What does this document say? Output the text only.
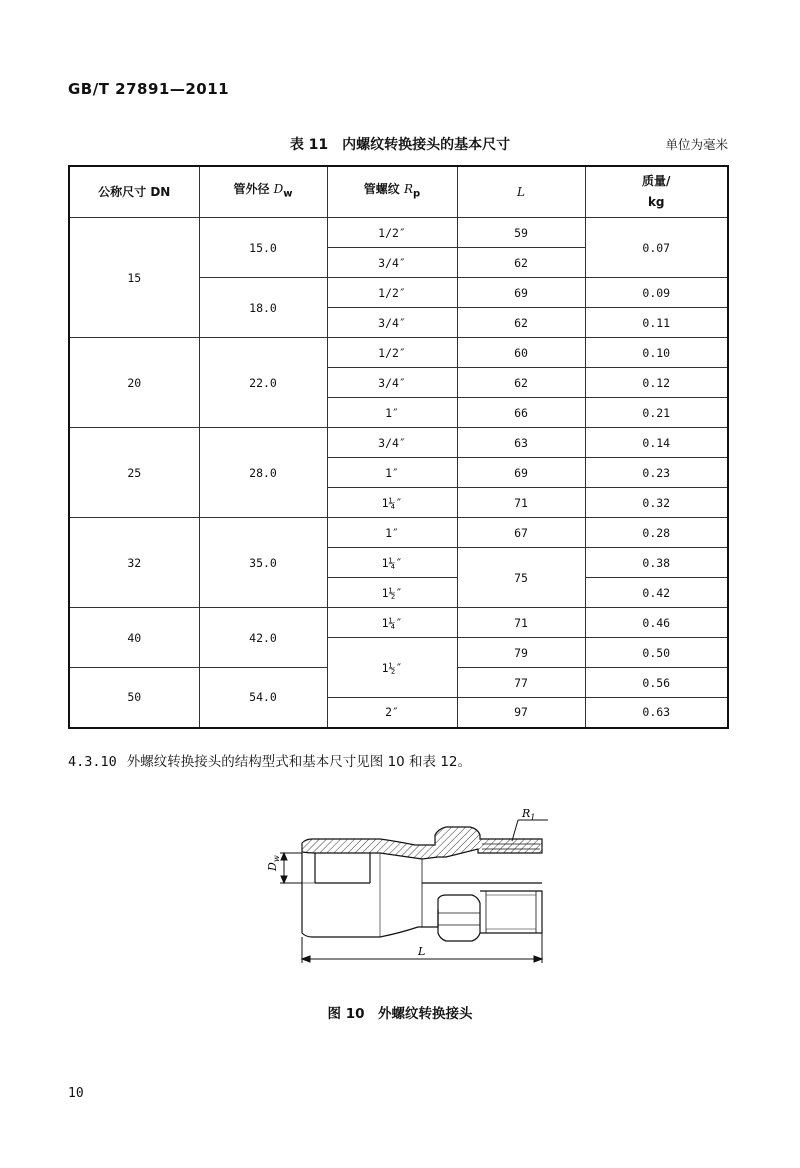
GB/T 27891—2011
表 11　内螺纹转换接头的基本尺寸	单位为毫米
公称尺寸 DN	管外径 $D_w$	管螺纹 $R_p$	L	质量/
kg
15	15.0	1/2″	59	0.07
		3/4″	62	
	18.0	1/2″	69	0.09
		3/4″	62	0.11
20	22.0	1/2″	60	0.10
		3/4″	62	0.12
		1″	66	0.21
25	28.0	3/4″	63	0.14
		1″	69	0.23
		1¼″	71	0.32
32	35.0	1″	67	0.28
		1¼″	75	0.38
		1½″		0.42
40	42.0	1¼″	71	0.46
		1½″	79	0.50
50	54.0		77	0.56
		2″	97	0.63
4.3.10 外螺纹转换接头的结构型式和基本尺寸见图 10 和表 12。
$R_1$
$D_w$
L
图 10　外螺纹转换接头
10
